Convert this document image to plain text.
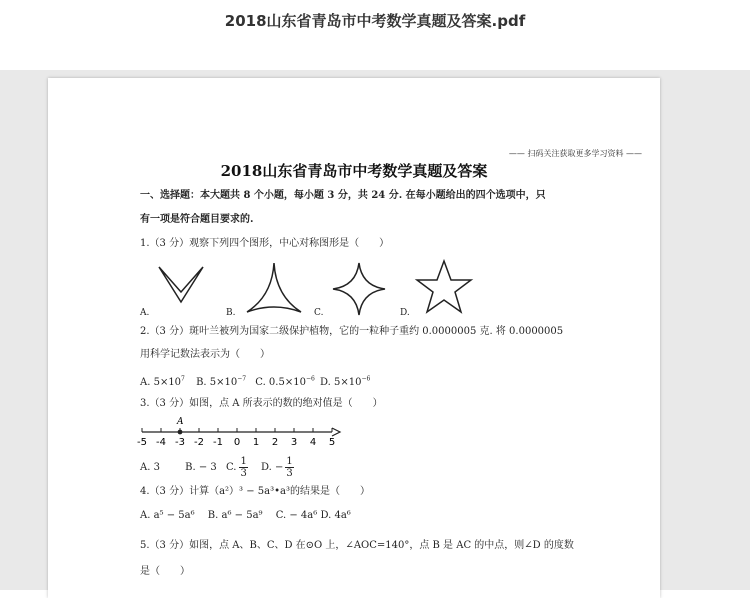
2018山东省青岛市中考数学真题及答案.pdf
—— 扫码关注获取更多学习资料 ——
2018山东省青岛市中考数学真题及答案
一、选择题：本大题共 8 个小题，每小题 3 分，共 24 分. 在每小题给出的四个选项中，只
有一项是符合题目要求的.
1.（3 分）观察下列四个图形，中心对称图形是（　　）
A.	B.	C.	D.
2.（3 分）斑叶兰被列为国家二级保护植物，它的一粒种子重约 0.0000005 克. 将 0.0000005
用科学记数法表示为（　　）
A. $5\times 10^7$ B. $5\times 10^{-7}$ C. $0.5\times 10^{-6}$ D. $5\times 10^{-6}$
3.（3 分）如图，点 A 所表示的数的绝对值是（　　）
-5 -4 -3 -2 -1 0 1 2 3 4 5
A
A. 3	B. − 3 C. $\frac{1}{3} D$. − $\frac{1}{3}$
4.（3 分）计算（a²）³ − 5a³•a³的结果是（　　）
A. a⁵ − 5a⁶　 B. a⁶ − 5a⁹　 C. − 4a⁶ D. 4a⁶
5.（3 分）如图，点 A、B、C、D 在⊙O 上，∠AOC=140°，点 B 是 AC 的中点，则∠D 的度数
是（　　）
